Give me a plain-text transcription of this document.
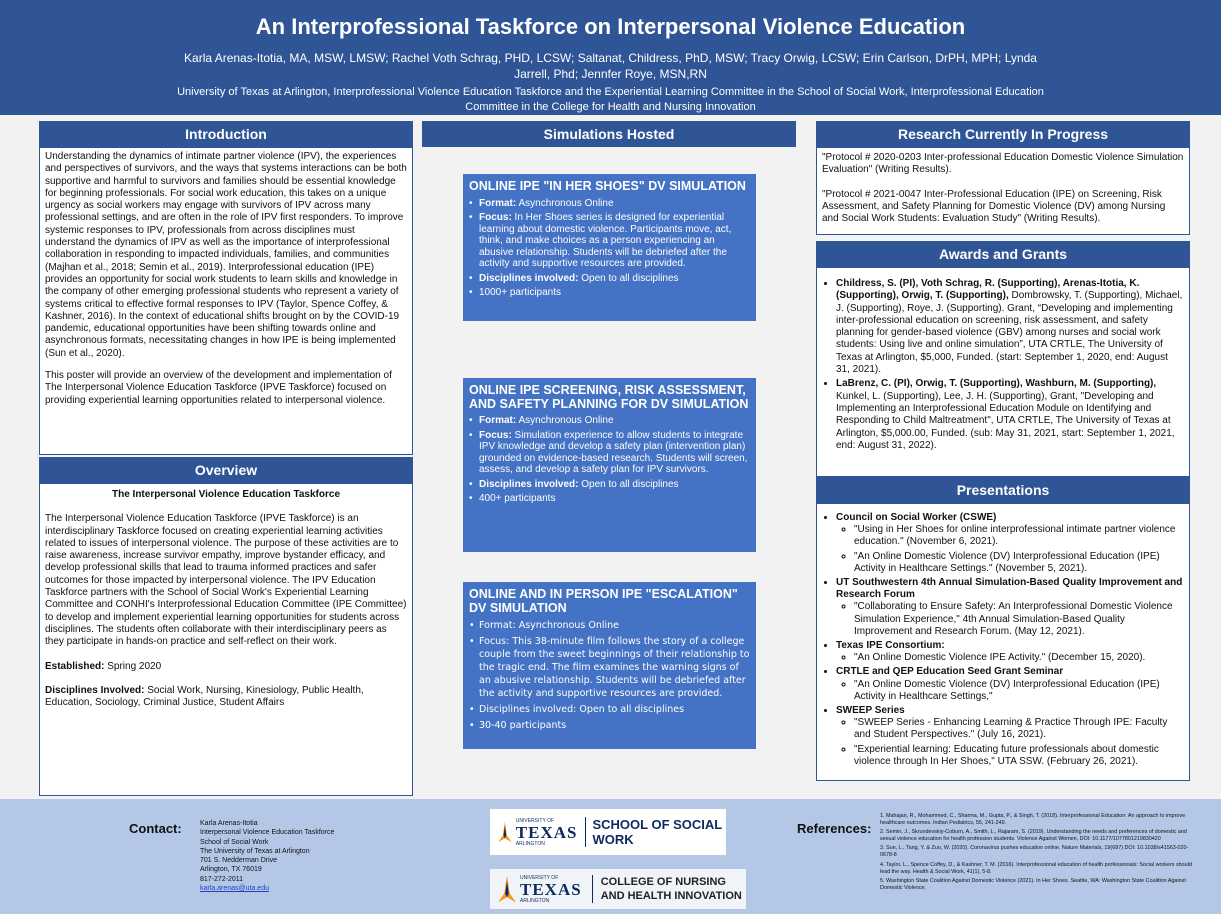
An Interprofessional Taskforce on Interpersonal Violence Education
Karla Arenas-Itotia, MA, MSW, LMSW; Rachel Voth Schrag, PHD, LCSW; Saltanat, Childress, PhD, MSW; Tracy Orwig, LCSW; Erin Carlson, DrPH, MPH; Lynda Jarrell, Phd; Jennfer Roye, MSN,RN
University of Texas at Arlington, Interprofessional Violence Education Taskforce and the Experiential Learning Committee in the School of Social Work, Interprofessional Education Committee in the College for Health and Nursing Innovation
Introduction
Understanding the dynamics of intimate partner violence (IPV), the experiences and perspectives of survivors, and the ways that systems interactions can be both supportive and harmful to survivors and families should be essential knowledge for beginning professionals. For social work education, this takes on a unique urgency as social workers may engage with survivors of IPV across many professional settings, and are often in the role of IPV first responders. To improve systemic responses to IPV, professionals from across disciplines must understand the dynamics of IPV as well as the importance of interprofessional collaboration in responding to impacted individuals, families, and communities (Majhan et al., 2018; Semin et al., 2019). Interprofessional education (IPE) provides an opportunity for social work students to learn skills and knowledge in the company of other emerging professional students who represent a variety of systems critical to effective formal responses to IPV (Taylor, Spence Coffey, & Kashner, 2016). In the context of educational shifts brought on by the COVID-19 pandemic, educational opportunities have been shifting towards online and asynchronous formats, necessitating changes in how IPE is being implemented (Sun et al., 2020).
This poster will provide an overview of the development and implementation of The Interpersonal Violence Education Taskforce (IPVE Taskforce) focused on providing experiential learning opportunities related to interpersonal violence.
Overview
The Interpersonal Violence Education Taskforce
The Interpersonal Violence Education Taskforce (IPVE Taskforce) is an interdisciplinary Taskforce focused on creating experiential learning activities related to issues of interpersonal violence. The purpose of these activities are to raise awareness, increase survivor empathy, improve bystander efficacy, and develop professional skills that lead to trauma informed practices and safer outcomes for those impacted by interpersonal violence. The IPV Education Taskforce partners with the School of Social Work's Experiential Learning Committee and CONHI's Interprofessional Education Committee (IPE Committee) to develop and implement experiential learning opportunities for students across disciplines. The students often collaborate with their interdisciplinary peers as they participate in hands-on practice and self-reflect on their work.
Established: Spring 2020
Disciplines Involved: Social Work, Nursing, Kinesiology, Public Health, Education, Sociology, Criminal Justice, Student Affairs
Simulations Hosted
ONLINE IPE "IN HER SHOES" DV SIMULATION
• Format: Asynchronous Online
• Focus: In Her Shoes series is designed for experiential learning about domestic violence. Participants move, act, think, and make choices as a person experiencing an abusive relationship. Students will be debriefed after the activity and supportive resources are provided.
• Disciplines involved: Open to all disciplines
• 1000+ participants
ONLINE IPE SCREENING, RISK ASSESSMENT, AND SAFETY PLANNING FOR DV SIMULATION
• Format: Asynchronous Online
• Focus: Simulation experience to allow students to integrate IPV knowledge and develop a safety plan (intervention plan) grounded on evidence-based research. Students will screen, assess, and develop a safety plan for IPV survivors.
• Disciplines involved: Open to all disciplines
• 400+ participants
ONLINE AND IN PERSON IPE "ESCALATION" DV SIMULATION
• Format: Asynchronous Online
• Focus: This 38-minute film follows the story of a college couple from the sweet beginnings of their relationship to the tragic end. The film examines the warning signs of an abusive relationship. Students will be debriefed after the activity and supportive resources are provided.
• Disciplines involved: Open to all disciplines
• 30-40 participants
Research Currently In Progress
"Protocol # 2020-0203 Inter-professional Education Domestic Violence Simulation Evaluation" (Writing Results).
"Protocol # 2021-0047 Inter-Professional Education (IPE) on Screening, Risk Assessment, and Safety Planning for Domestic Violence (DV) among Nursing and Social Work Students: Evaluation Study" (Writing Results).
Awards and Grants
• Childress, S. (PI), Voth Schrag, R. (Supporting), Arenas-Itotia, K. (Supporting), Orwig, T. (Supporting), Dombrowsky, T. (Supporting), Michael, J. (Supporting), Roye, J. (Supporting). Grant, “Developing and implementing inter-professional education on screening, risk assessment, and safety planning for gender-based violence (GBV) among nurses and social work students: Using live and online simulation”, UTA CRTLE, The University of Texas at Arlington, $5,000, Funded. (start: September 1, 2020, end: August 31, 2021).
• LaBrenz, C. (PI), Orwig, T. (Supporting), Washburn, M. (Supporting), Kunkel, L. (Supporting), Lee, J. H. (Supporting), Grant, "Developing and Implementing an Interprofessional Education Module on Identifying and Responding to Child Maltreatment", UTA CRTLE, The University of Texas at Arlington, $5,000.00, Funded. (sub: May 31, 2021, start: September 1, 2021, end: August 31, 2022).
Presentations
• Council on Social Worker (CSWE)
◦ "Using in Her Shoes for online interprofessional intimate partner violence education." (November 6, 2021).
◦ "An Online Domestic Violence (DV) Interprofessional Education (IPE) Activity in Healthcare Settings." (November 5, 2021).
• UT Southwestern 4th Annual Simulation-Based Quality Improvement and Research Forum
◦ "Collaborating to Ensure Safety: An Interprofessional Domestic Violence Simulation Experience," 4th Annual Simulation-Based Quality Improvement and Research Forum. (May 12, 2021).
• Texas IPE Consortium:
◦ "An Online Domestic Violence IPE Activity." (December 15, 2020).
• CRTLE and QEP Education Seed Grant Seminar
◦ "An Online Domestic Violence (DV) Interprofessional Education (IPE) Activity in Healthcare Settings,"
• SWEEP Series
◦ "SWEEP Series - Enhancing Learning & Practice Through IPE: Faculty and Student Perspectives." (July 16, 2021).
◦ "Experiential learning: Educating future professionals about domestic violence through In Her Shoes," UTA SSW. (February 26, 2021).
Contact:	Karla Arenas-Itotia
Interpersonal Violence Education Taskforce
School of Social Work
The University of Texas at Arlington
701 S. Nedderman Drive
Arlington, TX 76019
817-272-2011
karla.arenas@uta.edu
UNIVERSITY OF
TEXAS
ARLINGTON
SCHOOL OF SOCIAL WORK
UNIVERSITY OF
TEXAS
ARLINGTON
COLLEGE OF NURSING
AND HEALTH INNOVATION
References:
1. Mahajan, R., Mohammed, C., Sharma, M., Gupta, P., & Singh, T. (2018). Interprofessional Education: An approach to improve healthcare outcomes. Indian Pediatrics, 55, 241-249.
2. Semin, J., Skrundevskiy-Coburn, A., Smith, L., Rajaram, S. (2019). Understanding the needs and preferences of domestic and sexual violence education for health profession students. Violence Against Women, DOI: 10.1177/1077801219830420
3. Sun, L., Tang, Y. & Zuo, W. (2020). Coronavirus pushes education online. Nature Materials, 19(687) DOI: 10.1038/s41563-020-0678-8
4. Taylor, L., Spence Coffey, D., & Kashner, T. M. (2016). Interprofessional education of health professionals: Social workers should lead the way. Health & Social Work, 41(1), 5-8.
5. Washington State Coalition Against Domestic Violence (2021). In Her Shoes. Seattle, WA: Washington State Coalition Against Domestic Violence.
